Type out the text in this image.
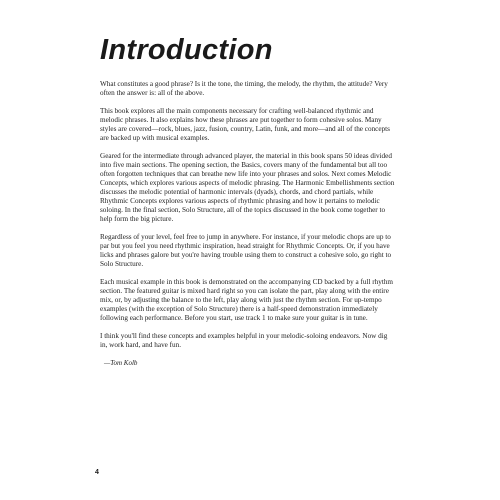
Introduction

What constitutes a good phrase? Is it the tone, the timing, the melody, the rhythm, the attitude? Very often the answer is: all of the above.

This book explores all the main components necessary for crafting well-balanced rhythmic and melodic phrases. It also explains how these phrases are put together to form cohesive solos. Many styles are covered—rock, blues, jazz, fusion, country, Latin, funk, and more—and all of the concepts are backed up with musical examples.

Geared for the intermediate through advanced player, the material in this book spans 50 ideas divided into five main sections. The opening section, the Basics, covers many of the fundamental but all too often forgotten techniques that can breathe new life into your phrases and solos. Next comes Melodic Concepts, which explores various aspects of melodic phrasing. The Harmonic Embellishments section discusses the melodic potential of harmonic intervals (dyads), chords, and chord partials, while Rhythmic Concepts explores various aspects of rhythmic phrasing and how it pertains to melodic soloing. In the final section, Solo Structure, all of the topics discussed in the book come together to help form the big picture.

Regardless of your level, feel free to jump in anywhere. For instance, if your melodic chops are up to par but you feel you need rhythmic inspiration, head straight for Rhythmic Concepts. Or, if you have licks and phrases galore but you're having trouble using them to construct a cohesive solo, go right to Solo Structure.

Each musical example in this book is demonstrated on the accompanying CD backed by a full rhythm section. The featured guitar is mixed hard right so you can isolate the part, play along with the entire mix, or, by adjusting the balance to the left, play along with just the rhythm section. For up-tempo examples (with the exception of Solo Structure) there is a half-speed demonstration immediately following each performance. Before you start, use track 1 to make sure your guitar is in tune.

I think you'll find these concepts and examples helpful in your melodic-soloing endeavors. Now dig in, work hard, and have fun.

—Tom Kolb

4
